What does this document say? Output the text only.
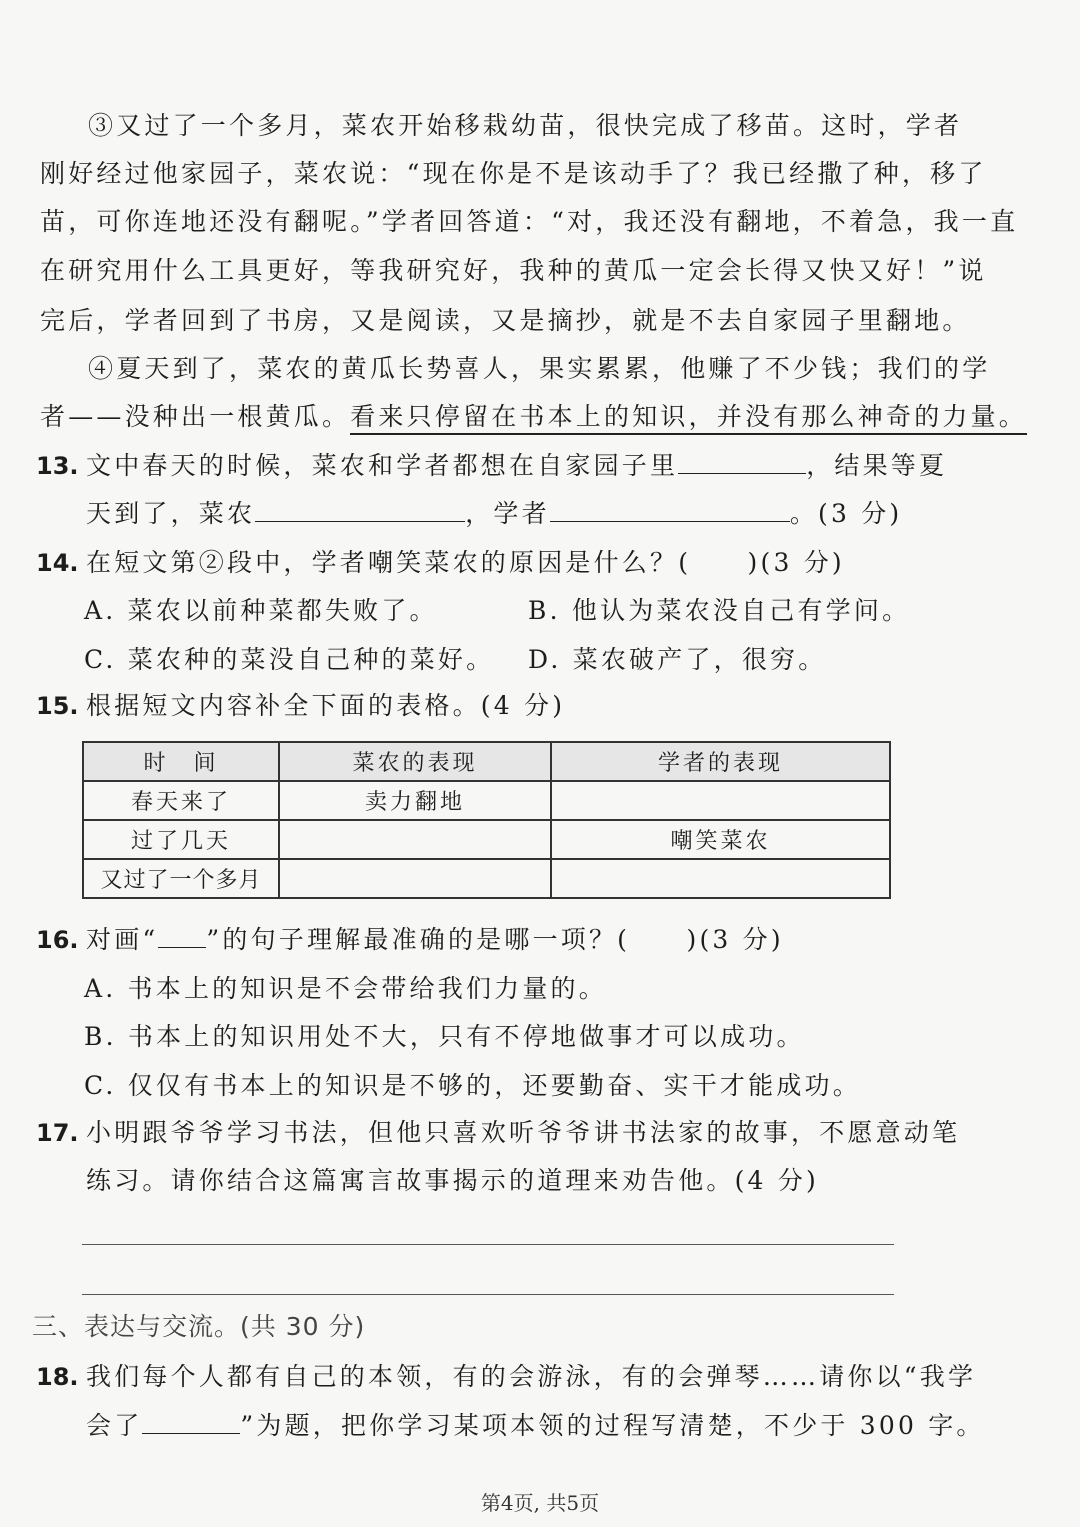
③又过了一个多月，菜农开始移栽幼苗，很快完成了移苗。这时，学者
刚好经过他家园子，菜农说：“现在你是不是该动手了？我已经撒了种，移了
苗，可你连地还没有翻呢。”学者回答道：“对，我还没有翻地，不着急，我一直
在研究用什么工具更好，等我研究好，我种的黄瓜一定会长得又快又好！”说
完后，学者回到了书房，又是阅读，又是摘抄，就是不去自家园子里翻地。
④夏天到了，菜农的黄瓜长势喜人，果实累累，他赚了不少钱；我们的学
者——没种出一根黄瓜。看来只停留在书本上的知识，并没有那么神奇的力量。
13. 文中春天的时候，菜农和学者都想在自家园子里	，结果等夏
天到了，菜农	，学者	。(3 分)
14. 在短文第②段中，学者嘲笑菜农的原因是什么？(　　)(3 分)
A. 菜农以前种菜都失败了。	B. 他认为菜农没自己有学问。
C. 菜农种的菜没自己种的菜好。 D. 菜农破产了，很穷。
15. 根据短文内容补全下面的表格。(4 分)
时　间	菜农的表现	学者的表现
春天来了	卖力翻地	
过了几天		嘲笑菜农
又过了一个多月		
16. 对画“ ”的句子理解最准确的是哪一项？(　　)(3 分)
A. 书本上的知识是不会带给我们力量的。
B. 书本上的知识用处不大，只有不停地做事才可以成功。
C. 仅仅有书本上的知识是不够的，还要勤奋、实干才能成功。
17. 小明跟爷爷学习书法，但他只喜欢听爷爷讲书法家的故事，不愿意动笔
练习。请你结合这篇寓言故事揭示的道理来劝告他。(4 分)
三、表达与交流。(共 30 分)
18. 我们每个人都有自己的本领，有的会游泳，有的会弹琴……请你以“我学
会了	”为题，把你学习某项本领的过程写清楚，不少于 300 字。
第4页, 共5页
